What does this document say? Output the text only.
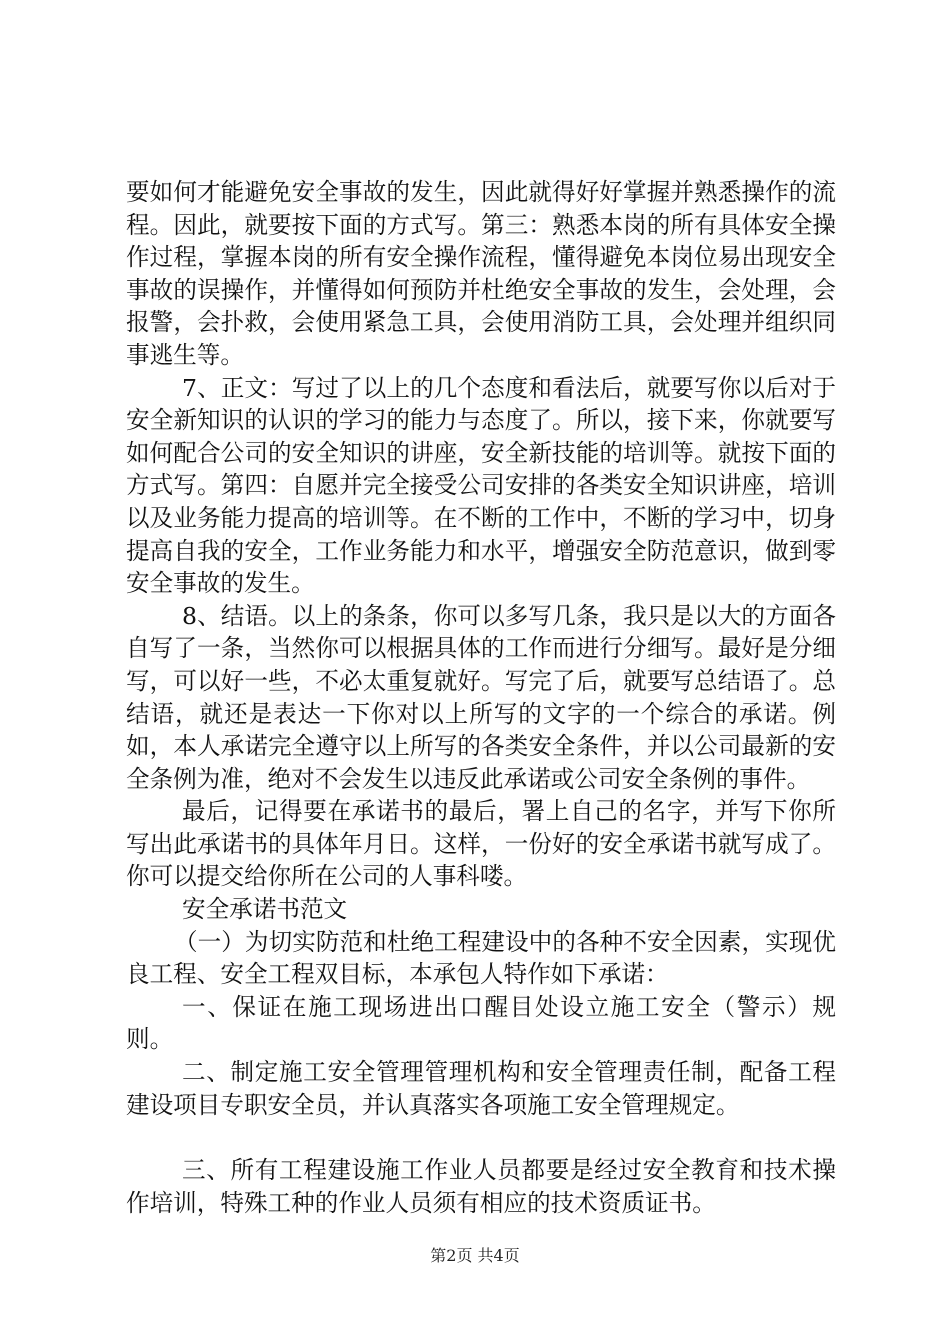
要如何才能避免安全事故的发生，因此就得好好掌握并熟悉操作的流程。因此，就要按下面的方式写。第三：熟悉本岗的所有具体安全操作过程，掌握本岗的所有安全操作流程，懂得避免本岗位易出现安全事故的误操作，并懂得如何预防并杜绝安全事故的发生，会处理，会报警，会扑救，会使用紧急工具，会使用消防工具，会处理并组织同事逃生等。

7、正文：写过了以上的几个态度和看法后，就要写你以后对于安全新知识的认识的学习的能力与态度了。所以，接下来，你就要写如何配合公司的安全知识的讲座，安全新技能的培训等。就按下面的方式写。第四：自愿并完全接受公司安排的各类安全知识讲座，培训以及业务能力提高的培训等。在不断的工作中，不断的学习中，切身提高自我的安全，工作业务能力和水平，增强安全防范意识，做到零安全事故的发生。

8、结语。以上的条条，你可以多写几条，我只是以大的方面各自写了一条，当然你可以根据具体的工作而进行分细写。最好是分细写，可以好一些，不必太重复就好。写完了后，就要写总结语了。总结语，就还是表达一下你对以上所写的文字的一个综合的承诺。例如，本人承诺完全遵守以上所写的各类安全条件，并以公司最新的安全条例为准，绝对不会发生以违反此承诺或公司安全条例的事件。

最后，记得要在承诺书的最后，署上自己的名字，并写下你所写出此承诺书的具体年月日。这样，一份好的安全承诺书就写成了。你可以提交给你所在公司的人事科喽。

安全承诺书范文

（一）为切实防范和杜绝工程建设中的各种不安全因素，实现优良工程、安全工程双目标，本承包人特作如下承诺：

一、保证在施工现场进出口醒目处设立施工安全（警示）规则。

二、制定施工安全管理管理机构和安全管理责任制，配备工程建设项目专职安全员，并认真落实各项施工安全管理规定。

三、所有工程建设施工作业人员都要是经过安全教育和技术操作培训，特殊工种的作业人员须有相应的技术资质证书。

第2页 共4页
